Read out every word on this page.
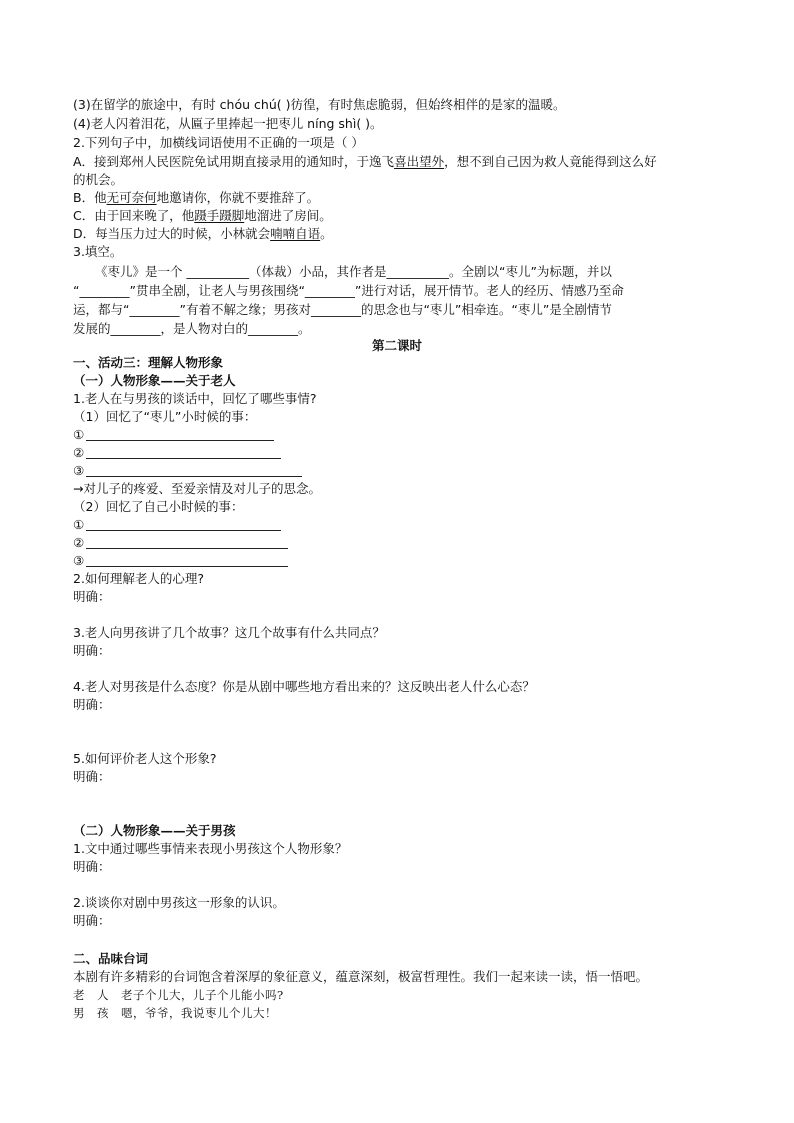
(3)在留学的旅途中，有时 chóu chú( )彷徨，有时焦虑脆弱，但始终相伴的是家的温暖。
(4)老人闪着泪花，从匾子里捧起一把枣儿 níng shì( )。
2.下列句子中，加横线词语使用不正确的一项是（ ）
A．接到郑州人民医院免试用期直接录用的通知时，于逸飞喜出望外，想不到自己因为救人竟能得到这么好
的机会。
B．他无可奈何地邀请你，你就不要推辞了。
C．由于回来晚了，他蹑手蹑脚地溜进了房间。
D．每当压力过大的时候，小林就会喃喃自语。
3.填空。
《枣儿》是一个 __________（体裁）小品，其作者是__________。全剧以“枣儿”为标题，并以
“________”贯串全剧，让老人与男孩围绕“________”进行对话，展开情节。老人的经历、情感乃至命
运，都与“________”有着不解之缘；男孩对________的思念也与“枣儿”相牵连。“枣儿”是全剧情节
发展的________，是人物对白的________。
第二课时
一、活动三：理解人物形象
（一）人物形象——关于老人
1.老人在与男孩的谈话中，回忆了哪些事情?
（1）回忆了“枣儿”小时候的事：
①
②
③
→对儿子的疼爱、至爱亲情及对儿子的思念。
（2）回忆了自己小时候的事：
①
②
③
2.如何理解老人的心理?
明确：
3.老人向男孩讲了几个故事？这几个故事有什么共同点？
明确：
4.老人对男孩是什么态度？你是从剧中哪些地方看出来的？这反映出老人什么心态？
明确：
5.如何评价老人这个形象?
明确：
（二）人物形象——关于男孩
1.文中通过哪些事情来表现小男孩这个人物形象？
明确：
2.谈谈你对剧中男孩这一形象的认识。
明确：
二、品味台词
本剧有许多精彩的台词饱含着深厚的象征意义，蕴意深刻，极富哲理性。我们一起来读一读，悟一悟吧。
老　人　老子个儿大，儿子个儿能小吗?
男　孩　嗯，爷爷，我说枣儿个儿大！
